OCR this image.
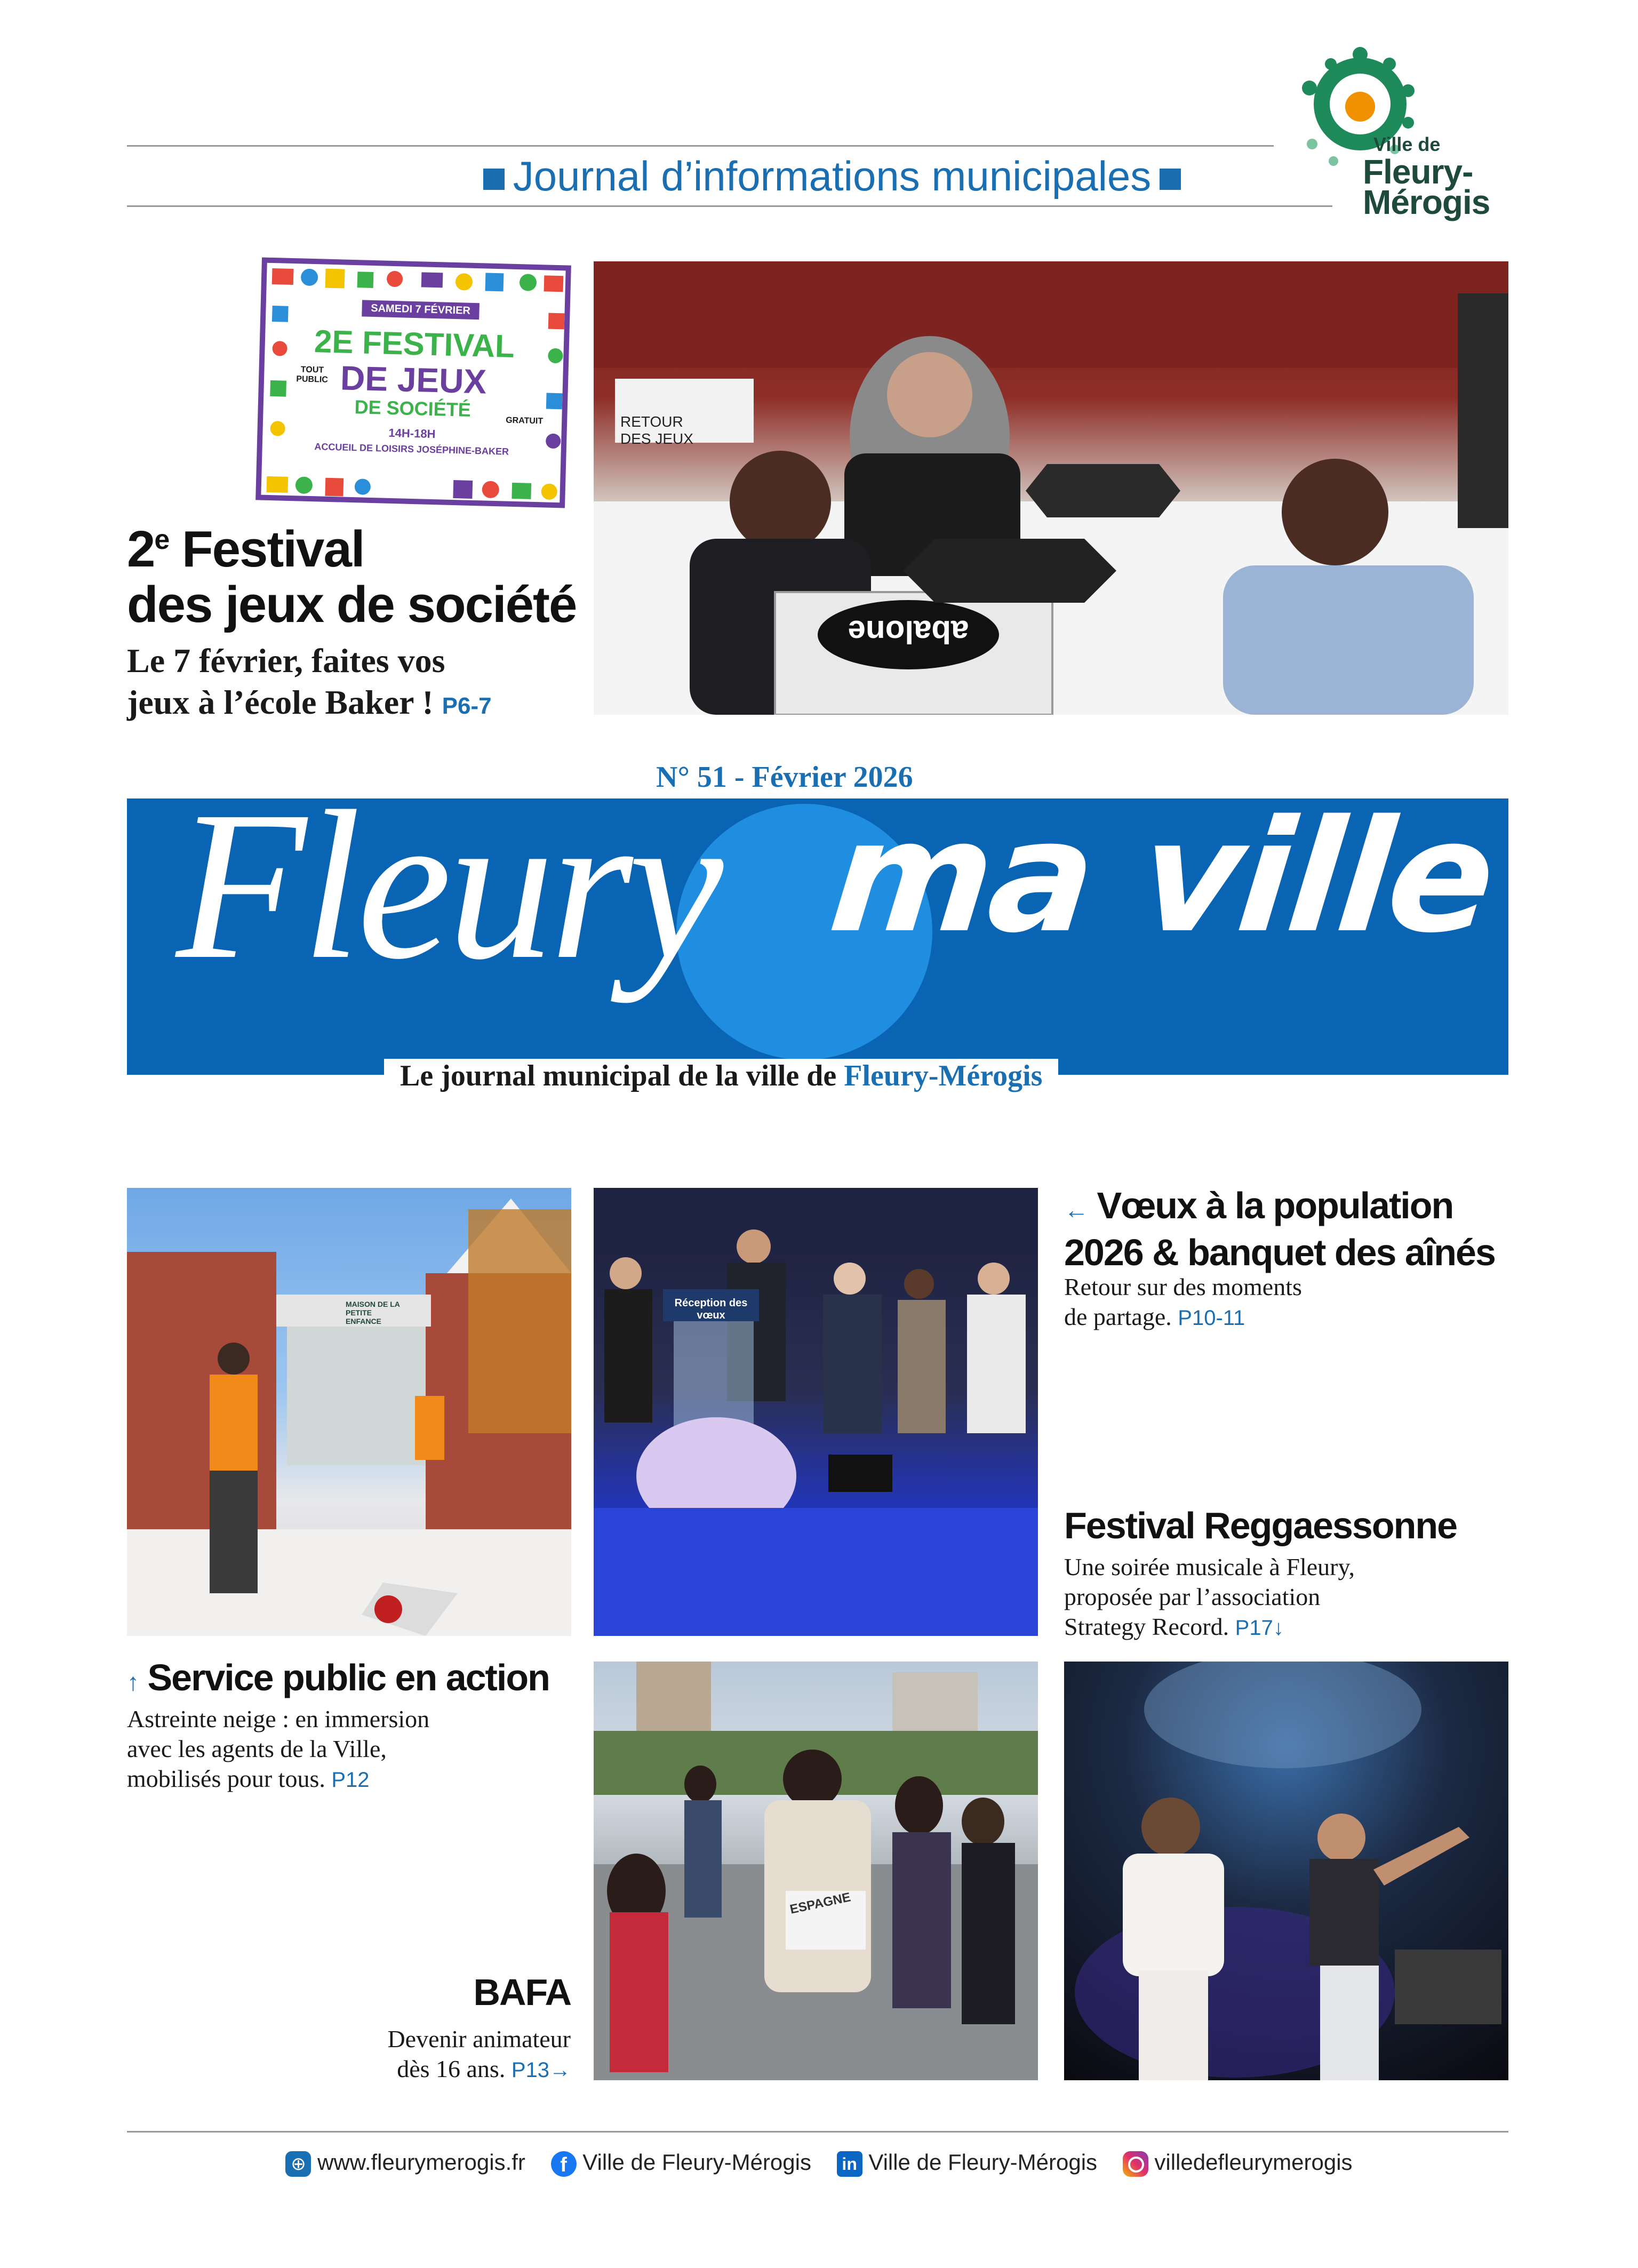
Journal d’informations municipales
Ville de
Fleury-
Mérogis
SAMEDI 7 FÉVRIER
2E FESTIVAL
DE JEUX
DE SOCIÉTÉ
TOUT PUBLIC
GRATUIT
14H-18H
ACCUEIL DE LOISIRS JOSÉPHINE-BAKER
2e Festival
des jeux de société
Le 7 février, faites vos
jeux à l’école Baker ! P6-7
abalone
RETOUR DES JEUX
N° 51 - Février 2026
Fleury ma ville
Le journal municipal de la ville de Fleury-Mérogis
MAISON DE LA PETITE ENFANCE
Réception des vœux
← Vœux à la population
2026 & banquet des aînés
Retour sur des moments
de partage. P10-11
Festival Reggaessonne
Une soirée musicale à Fleury,
proposée par l’association
Strategy Record. P17↓
↑ Service public en action
Astreinte neige : en immersion
avec les agents de la Ville,
mobilisés pour tous. P12
BAFA
Devenir animateur
dès 16 ans. P13→
ESPAGNE
⊕ www.fleurymerogis.fr f Ville de Fleury-Mérogis in Ville de Fleury-Mérogis	villedefleurymerogis
